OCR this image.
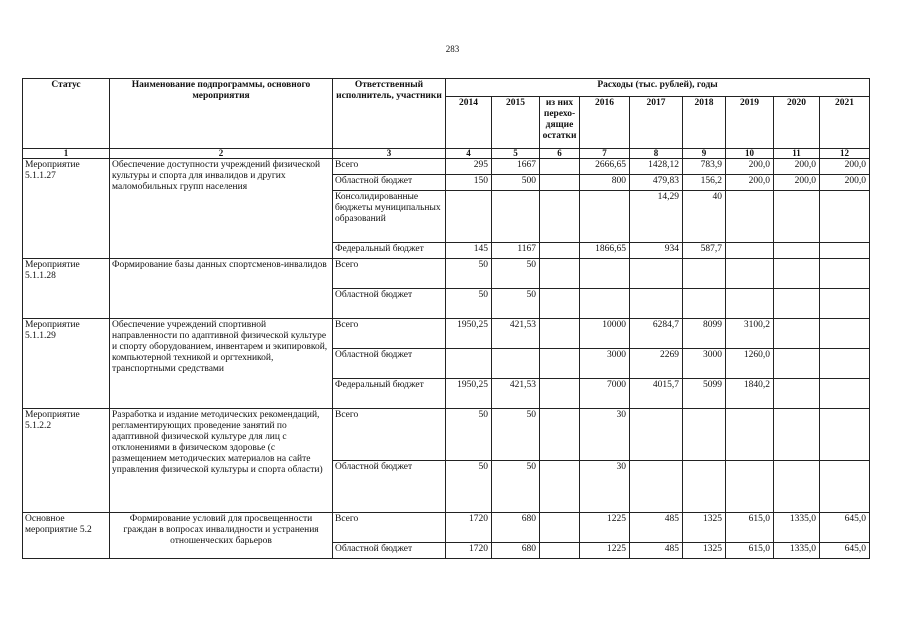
283
Статус	Наименование подпрограммы, основного мероприятия	Ответственный исполнитель, участники	Расходы (тыс. рублей), годы								
			2014	2015	из них перехо-дящие остатки	2016	2017	2018	2019	2020	2021
1	2	3	4	5	6	7	8	9	10	11	12
Мероприятие 5.1.1.27	Обеспечение доступности учреждений физической культуры и спорта для инвалидов и других маломобильных групп населения	Всего	295	1667		2666,65	1428,12	783,9	200,0	200,0	200,0
		Областной бюджет	150	500		800	479,83	156,2	200,0	200,0	200,0
		Консолидированные бюджеты муниципальных образований					14,29	40			
		Федеральный бюджет	145	1167		1866,65	934	587,7			
Мероприятие 5.1.1.28	Формирование базы данных спортсменов-инвалидов	Всего	50	50							
		Областной бюджет	50	50							
Мероприятие 5.1.1.29	Обеспечение учреждений спортивной направленности по адаптивной физической культуре и спорту оборудованием, инвентарем и экипировкой, компьютерной техникой и оргтехникой, транспортными средствами	Всего	1950,25	421,53		10000	6284,7	8099	3100,2		
		Областной бюджет				3000	2269	3000	1260,0		
		Федеральный бюджет	1950,25	421,53		7000	4015,7	5099	1840,2		
Мероприятие 5.1.2.2	Разработка и издание методических рекомендаций, регламентирующих проведение занятий по адаптивной физической культуре для лиц с отклонениями в физическом здоровье (с размещением методических материалов на сайте управления физической культуры и спорта области)	Всего	50	50		30					
		Областной бюджет	50	50		30					
Основное мероприятие 5.2	Формирование условий для просвещенности граждан в вопросах инвалидности и устранения отношенческих барьеров	Всего	1720	680		1225	485	1325	615,0	1335,0	645,0
		Областной бюджет	1720	680		1225	485	1325	615,0	1335,0	645,0
